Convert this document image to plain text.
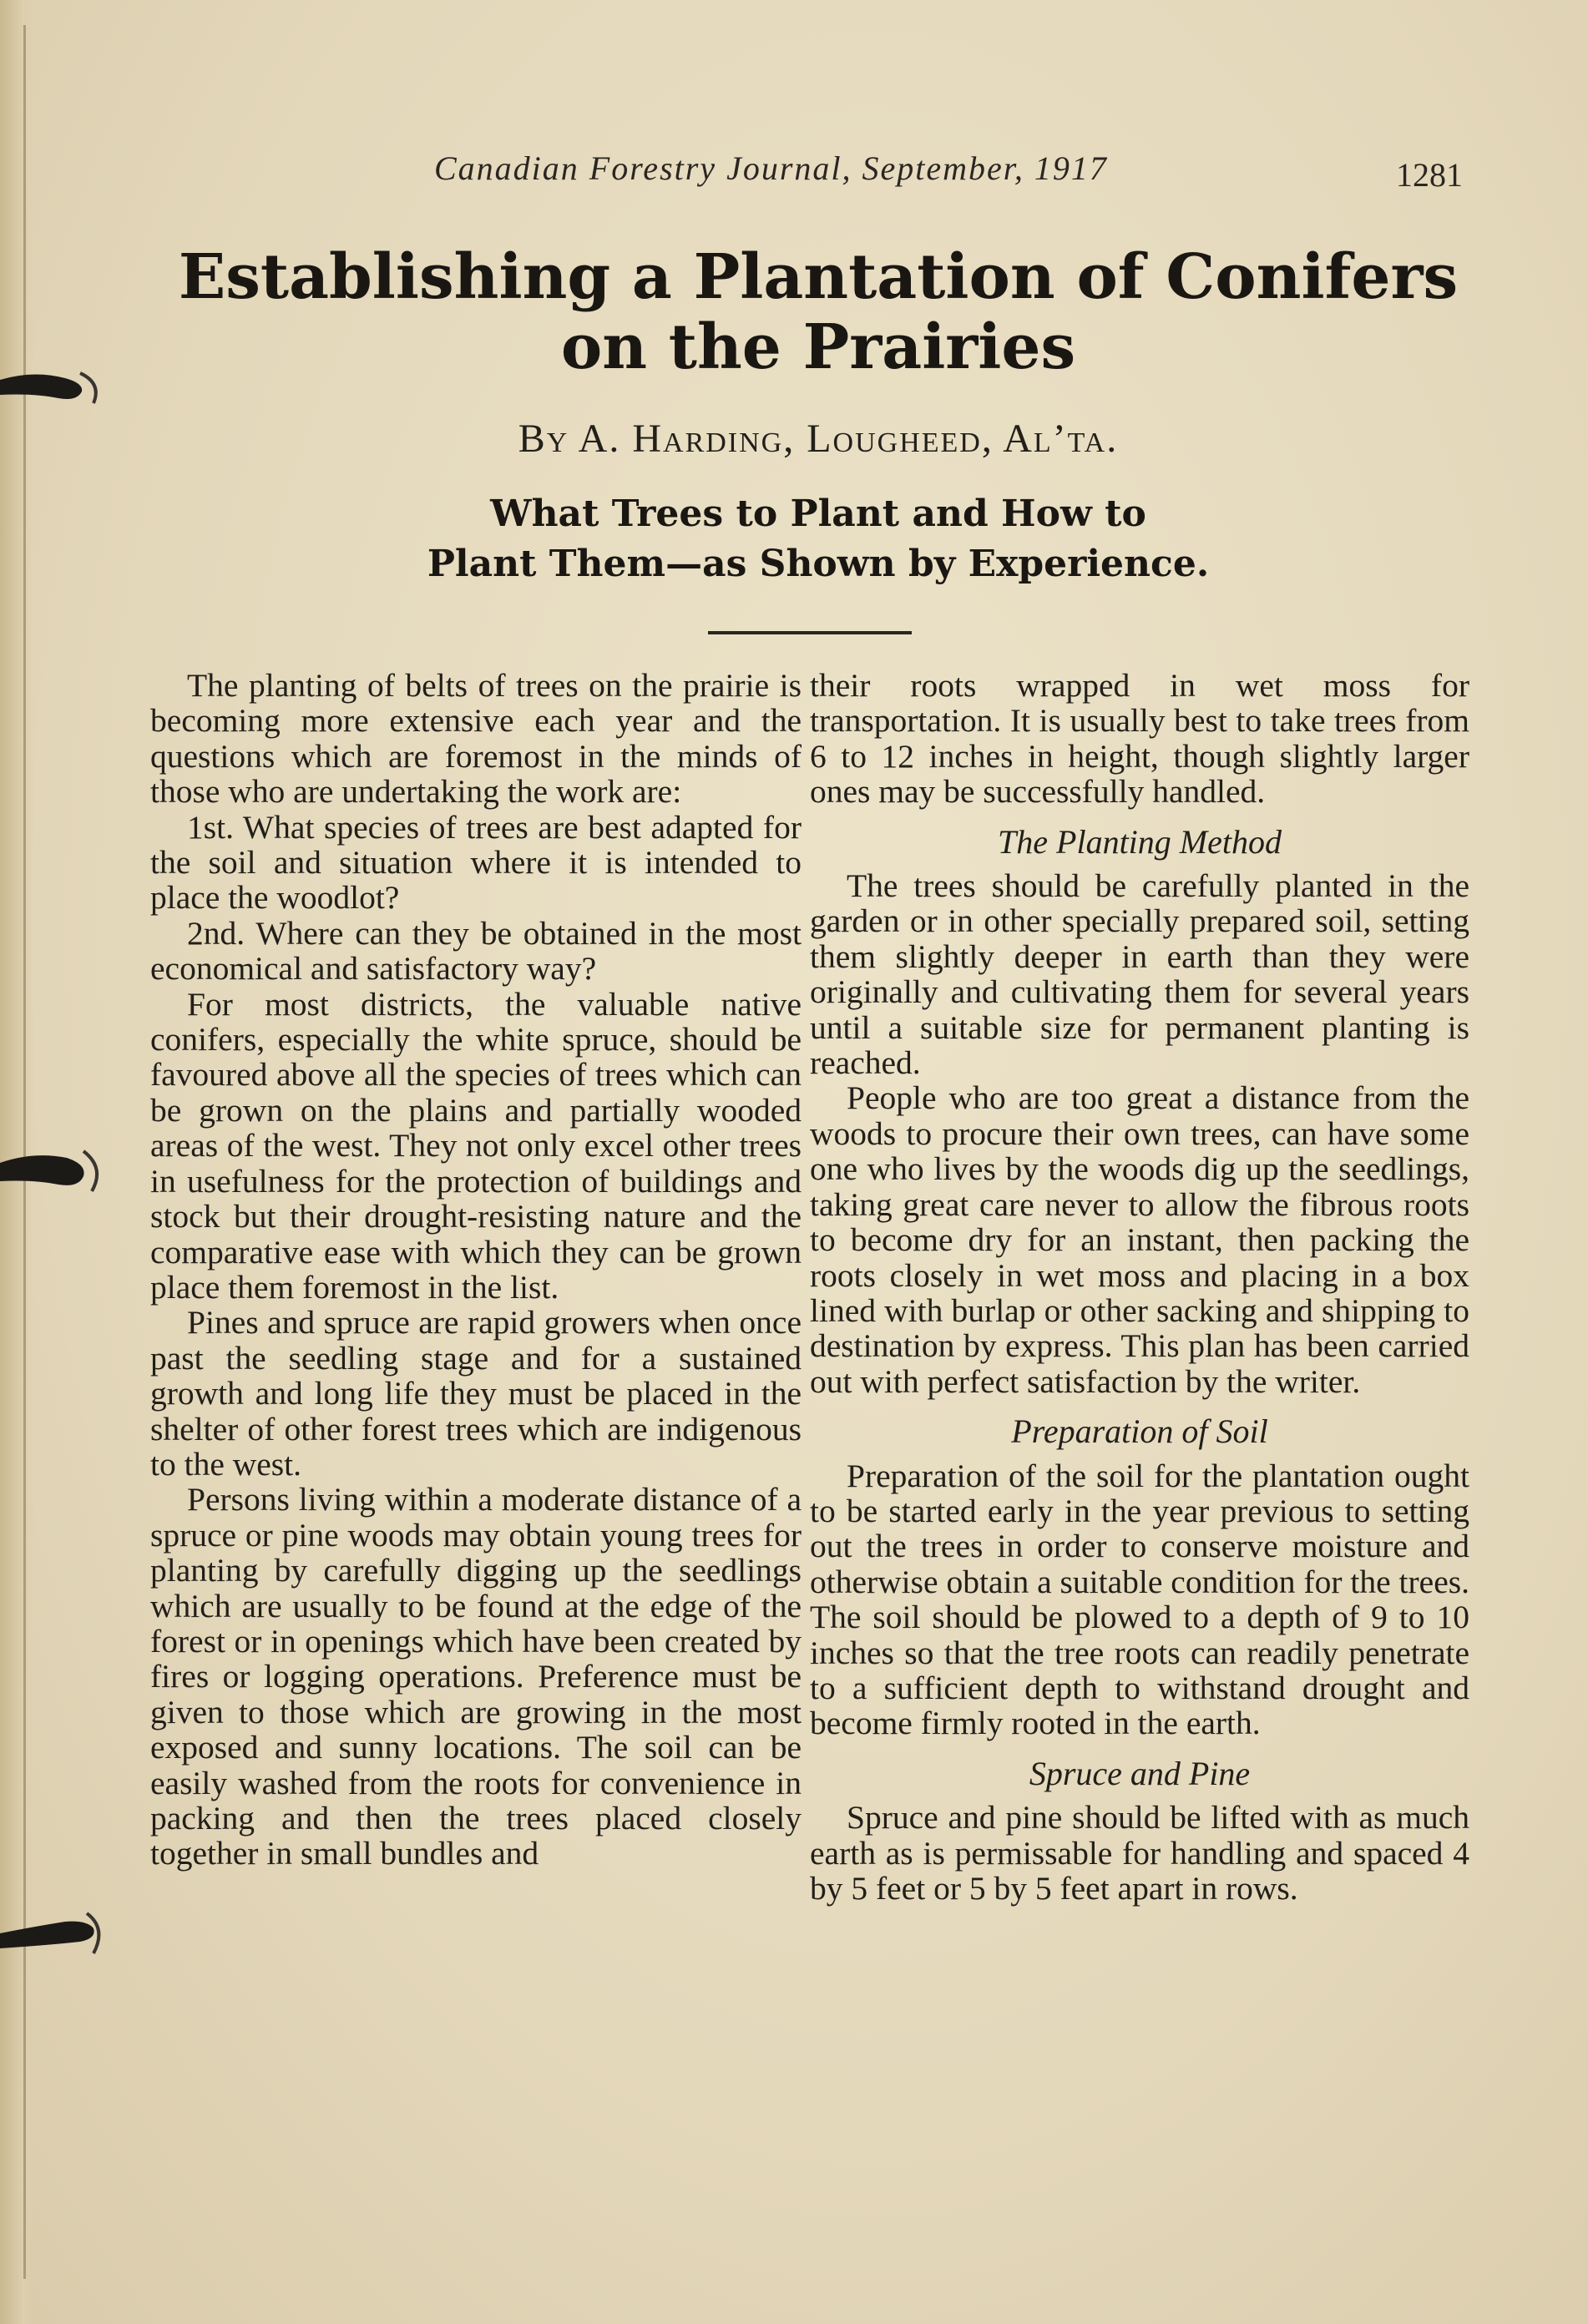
Canadian Forestry Journal, September, 1917	1281
Establishing a Plantation of Conifers
on the Prairies
By A. Harding, Lougheed, Al’ta.
What Trees to Plant and How to
Plant Them—as Shown by Experience.

The planting of belts of trees on the prairie is becoming more extensive each year and the questions which are foremost in the minds of those who are undertaking the work are:

1st. What species of trees are best adapted for the soil and situation where it is intended to place the woodlot?

2nd. Where can they be obtained in the most economical and satisfactory way?

For most districts, the valuable native conifers, especially the white spruce, should be favoured above all the species of trees which can be grown on the plains and partially wooded areas of the west. They not only excel other trees in usefulness for the protection of buildings and stock but their drought-resisting nature and the comparative ease with which they can be grown place them foremost in the list.

Pines and spruce are rapid growers when once past the seedling stage and for a sustained growth and long life they must be placed in the shelter of other forest trees which are indigenous to the west.

Persons living within a moderate distance of a spruce or pine woods may obtain young trees for planting by carefully digging up the seedlings which are usually to be found at the edge of the forest or in openings which have been created by fires or logging operations. Preference must be given to those which are growing in the most exposed and sunny locations. The soil can be easily washed from the roots for convenience in packing and then the trees placed closely together in small bundles and

their roots wrapped in wet moss for transportation. It is usually best to take trees from 6 to 12 inches in height, though slightly larger ones may be successfully handled.

The Planting Method

The trees should be carefully planted in the garden or in other specially prepared soil, setting them slightly deeper in earth than they were originally and cultivating them for several years until a suitable size for permanent planting is reached.

People who are too great a distance from the woods to procure their own trees, can have some one who lives by the woods dig up the seedlings, taking great care never to allow the fibrous roots to become dry for an instant, then packing the roots closely in wet moss and placing in a box lined with burlap or other sacking and shipping to destination by express. This plan has been carried out with perfect satisfaction by the writer.

Preparation of Soil

Preparation of the soil for the plantation ought to be started early in the year previous to setting out the trees in order to conserve moisture and otherwise obtain a suitable condition for the trees. The soil should be plowed to a depth of 9 to 10 inches so that the tree roots can readily penetrate to a sufficient depth to withstand drought and become firmly rooted in the earth.

Spruce and Pine

Spruce and pine should be lifted with as much earth as is permissable for handling and spaced 4 by 5 feet or 5 by 5 feet apart in rows.
